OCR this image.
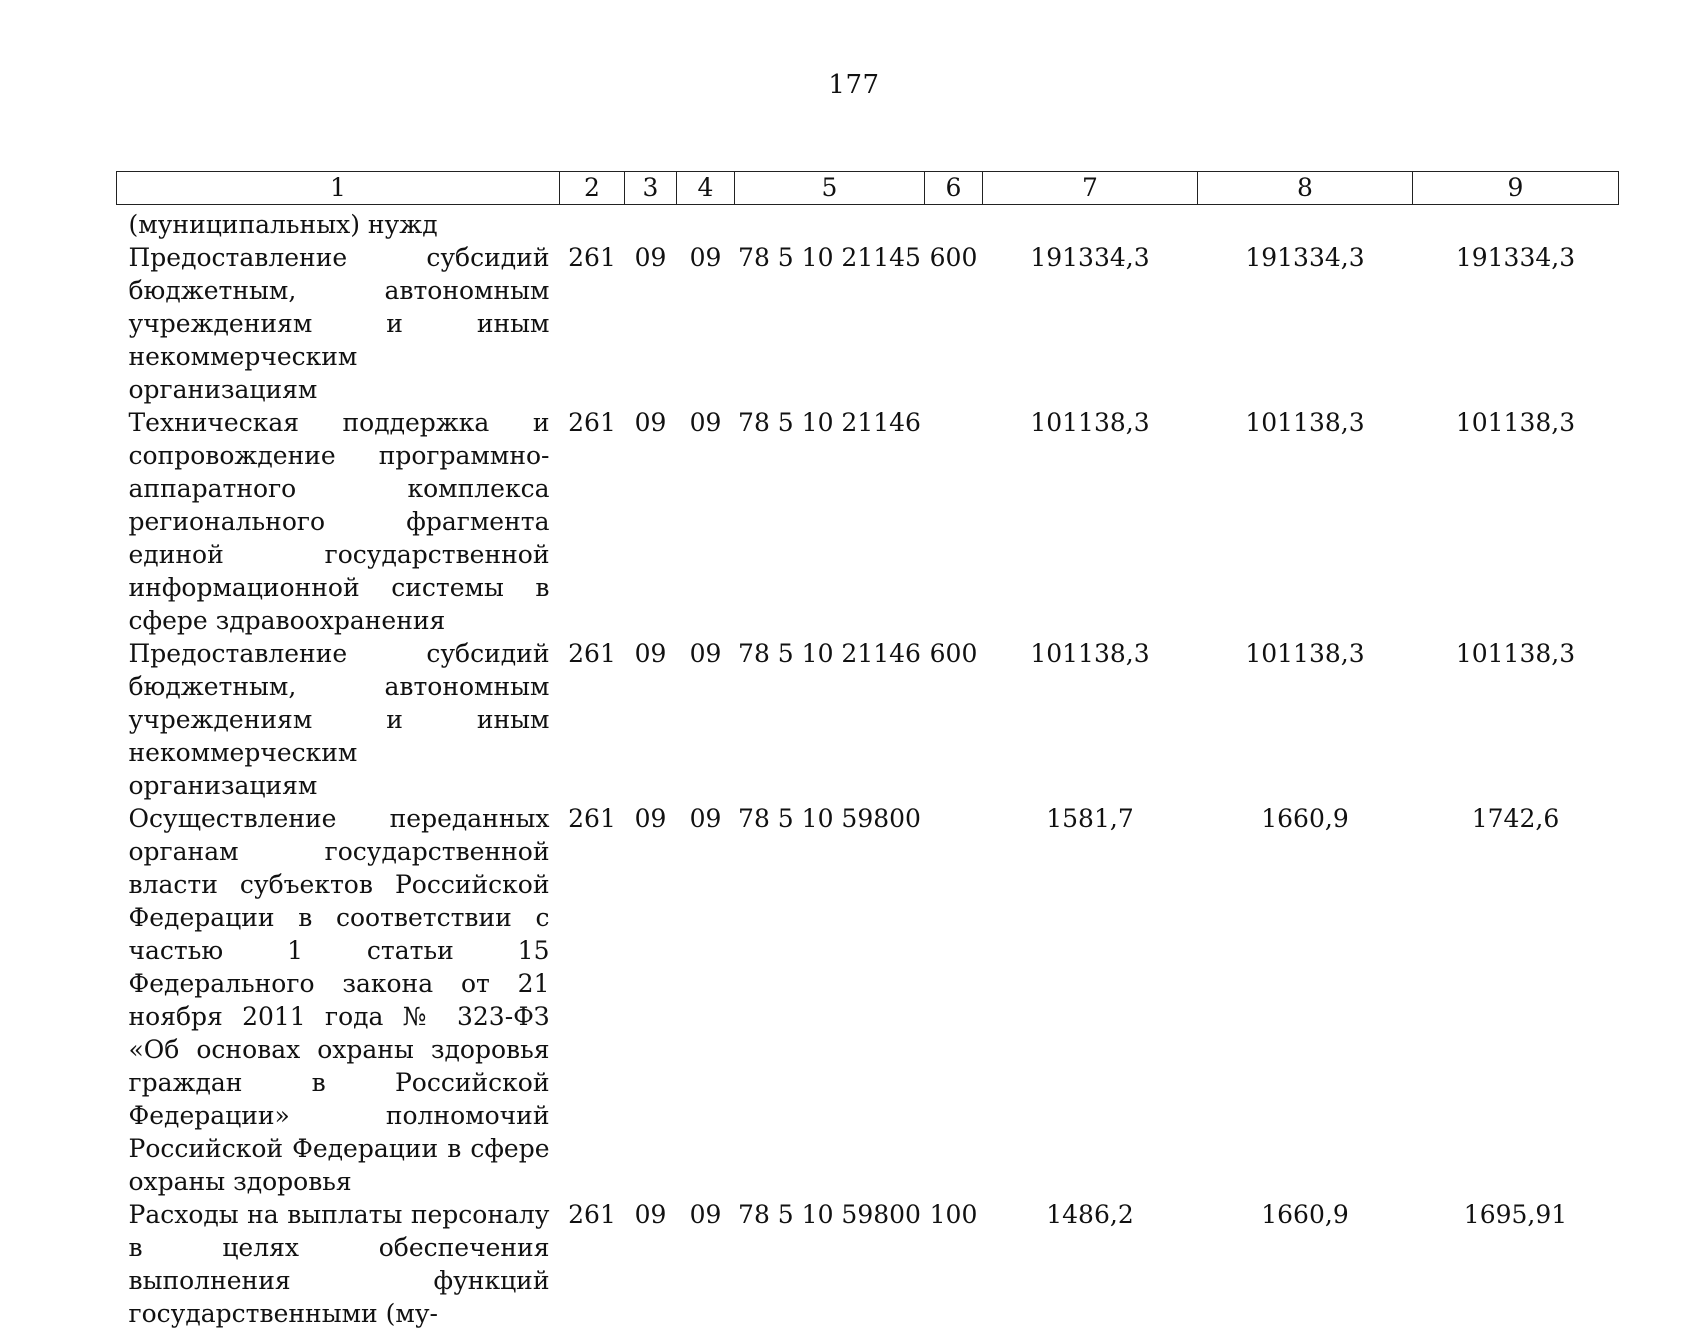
177
1	2	3	4	5	6	7	8	9
(муниципальных) нужд								
Предоставление субсидий бюджетным, автономным учреждениям и иным некоммерческим организациям	261	09	09	78 5 10 21145	600	191334,3	191334,3	191334,3
Техническая поддержка и сопровождение программно-аппаратного комплекса регионального фрагмента единой государственной информационной системы в сфере здравоохранения	261	09	09	78 5 10 21146		101138,3	101138,3	101138,3
Предоставление субсидий бюджетным, автономным учреждениям и иным некоммерческим организациям	261	09	09	78 5 10 21146	600	101138,3	101138,3	101138,3
Осуществление переданных органам государственной власти субъектов Российской Федерации в соответствии с частью 1 статьи 15 Федерального закона от 21 ноября 2011 года № 323-ФЗ «Об основах охраны здоровья граждан в Российской Федерации» полномочий Российской Федерации в сфере охраны здоровья	261	09	09	78 5 10 59800		1581,7	1660,9	1742,6
Расходы на выплаты персоналу в целях обеспечения выполнения функций государственными (му-	261	09	09	78 5 10 59800	100	1486,2	1660,9	1695,91
